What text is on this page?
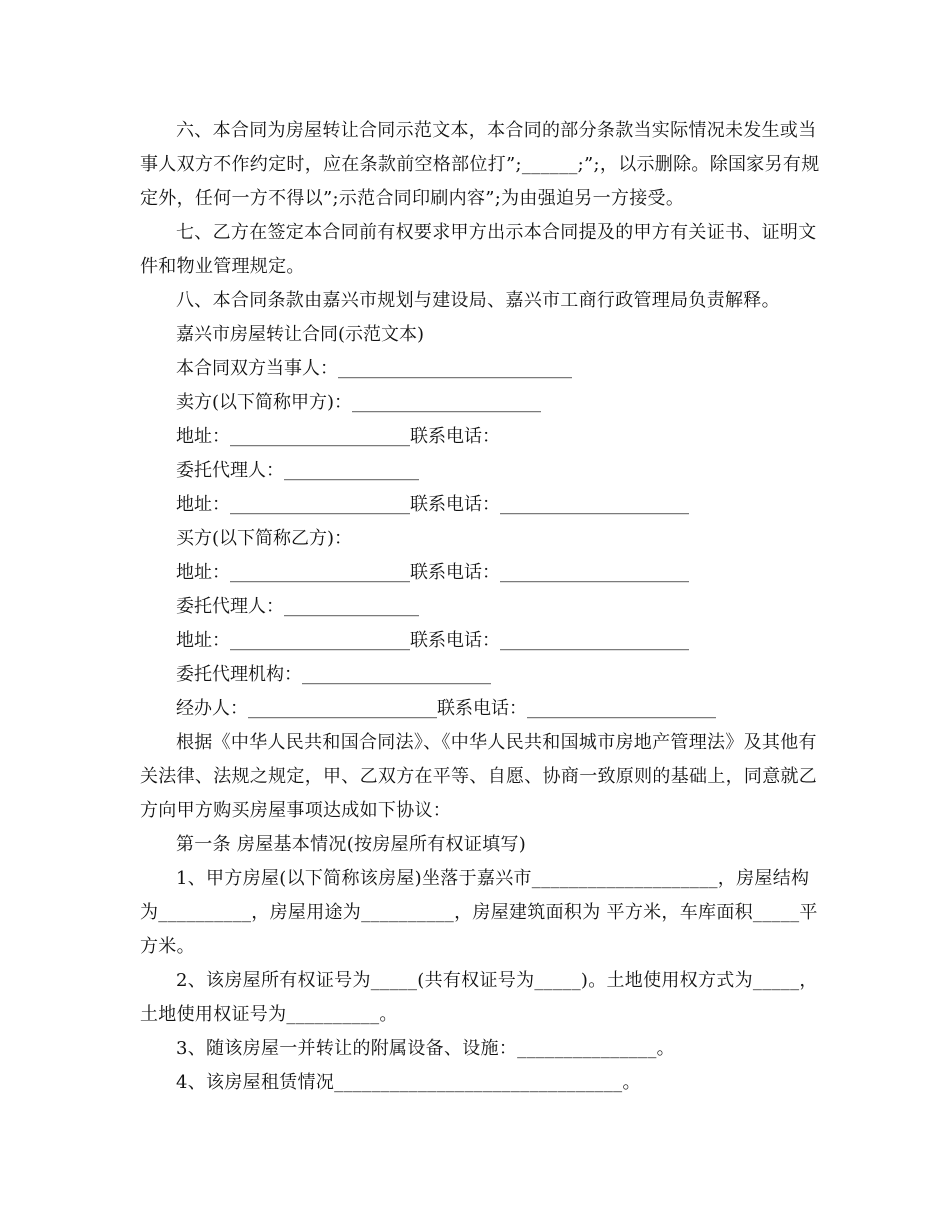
六、本合同为房屋转让合同示范文本，本合同的部分条款当实际情况未发生或当事人双方不作约定时，应在条款前空格部位打”;______;”;，以示删除。除国家另有规定外，任何一方不得以”;示范合同印刷内容”;为由强迫另一方接受。

七、乙方在签定本合同前有权要求甲方出示本合同提及的甲方有关证书、证明文件和物业管理规定。

八、本合同条款由嘉兴市规划与建设局、嘉兴市工商行政管理局负责解释。

嘉兴市房屋转让合同(示范文本)

本合同双方当事人：__________________________

卖方(以下简称甲方)：_____________________

地址：____________________联系电话：

委托代理人：_______________

地址：____________________联系电话：_____________________

买方(以下简称乙方)：

地址：____________________联系电话：_____________________

委托代理人：_______________

地址：____________________联系电话：_____________________

委托代理机构：_____________________

经办人：_____________________联系电话：_____________________

根据《中华人民共和国合同法》、《中华人民共和国城市房地产管理法》及其他有关法律、法规之规定，甲、乙双方在平等、自愿、协商一致原则的基础上，同意就乙方向甲方购买房屋事项达成如下协议：

第一条 房屋基本情况(按房屋所有权证填写)

1、甲方房屋(以下简称该房屋)坐落于嘉兴市____________________，房屋结构为__________，房屋用途为__________，房屋建筑面积为 平方米，车库面积_____平方米。

2、该房屋所有权证号为_____(共有权证号为_____)。土地使用权方式为_____，土地使用权证号为__________。

3、随该房屋一并转让的附属设备、设施：_______________。

4、该房屋租赁情况_______________________________。
